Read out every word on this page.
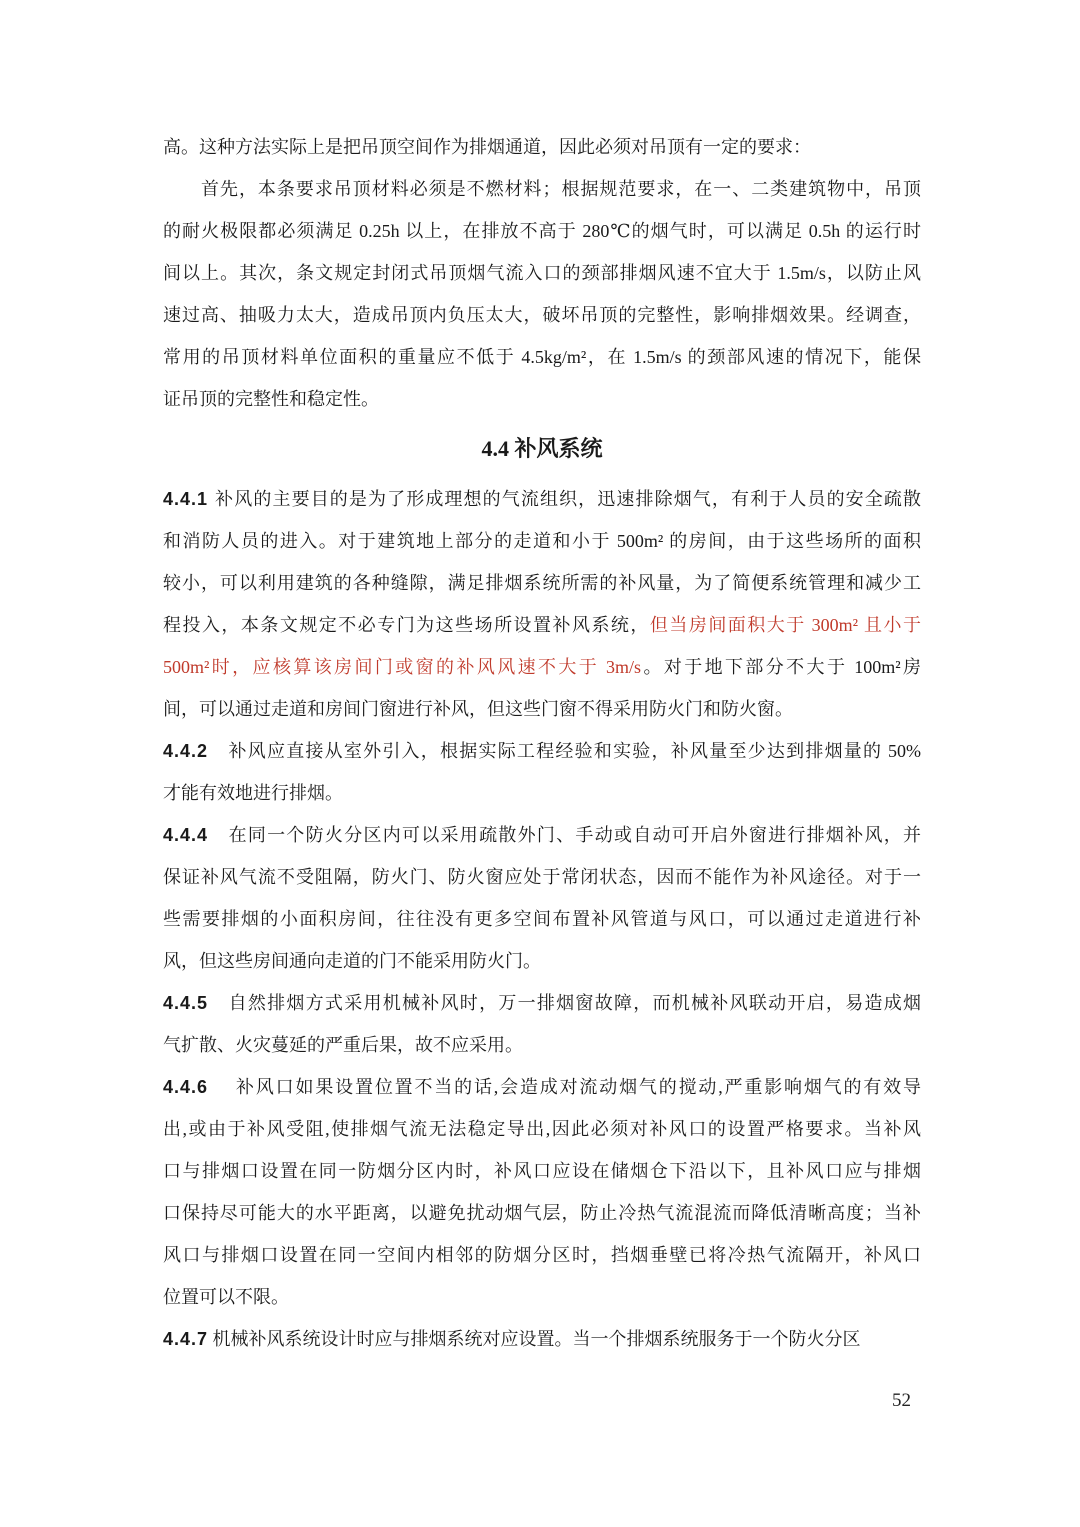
高。这种方法实际上是把吊顶空间作为排烟通道，因此必须对吊顶有一定的要求：
首先，本条要求吊顶材料必须是不燃材料；根据规范要求，在一、二类建筑物中，吊顶
的耐火极限都必须满足 0.25h 以上，在排放不高于 280℃的烟气时，可以满足 0.5h 的运行时
间以上。其次，条文规定封闭式吊顶烟气流入口的颈部排烟风速不宜大于 1.5m/s，以防止风
速过高、抽吸力太大，造成吊顶内负压太大，破坏吊顶的完整性，影响排烟效果。经调查，
常用的吊顶材料单位面积的重量应不低于 4.5kg/m²，在 1.5m/s 的颈部风速的情况下，能保
证吊顶的完整性和稳定性。
4.4 补风系统
4.4.1 补风的主要目的是为了形成理想的气流组织，迅速排除烟气，有利于人员的安全疏散
和消防人员的进入。对于建筑地上部分的走道和小于 500m² 的房间，由于这些场所的面积
较小，可以利用建筑的各种缝隙，满足排烟系统所需的补风量，为了简便系统管理和减少工
程投入，本条文规定不必专门为这些场所设置补风系统，但当房间面积大于 300m² 且小于
500m²时，应核算该房间门或窗的补风风速不大于 3m/s。对于地下部分不大于 100m²房
间，可以通过走道和房间门窗进行补风，但这些门窗不得采用防火门和防火窗。
4.4.2　补风应直接从室外引入，根据实际工程经验和实验，补风量至少达到排烟量的 50%
才能有效地进行排烟。
4.4.4　在同一个防火分区内可以采用疏散外门、手动或自动可开启外窗进行排烟补风，并
保证补风气流不受阻隔，防火门、防火窗应处于常闭状态，因而不能作为补风途径。对于一
些需要排烟的小面积房间，往往没有更多空间布置补风管道与风口，可以通过走道进行补
风，但这些房间通向走道的门不能采用防火门。
4.4.5　自然排烟方式采用机械补风时，万一排烟窗故障，而机械补风联动开启，易造成烟
气扩散、火灾蔓延的严重后果，故不应采用。
4.4.6　 补风口如果设置位置不当的话,会造成对流动烟气的搅动,严重影响烟气的有效导
出,或由于补风受阻,使排烟气流无法稳定导出,因此必须对补风口的设置严格要求。当补风
口与排烟口设置在同一防烟分区内时，补风口应设在储烟仓下沿以下，且补风口应与排烟
口保持尽可能大的水平距离，以避免扰动烟气层，防止冷热气流混流而降低清晰高度；当补
风口与排烟口设置在同一空间内相邻的防烟分区时，挡烟垂壁已将冷热气流隔开，补风口
位置可以不限。
4.4.7 机械补风系统设计时应与排烟系统对应设置。当一个排烟系统服务于一个防火分区
52
